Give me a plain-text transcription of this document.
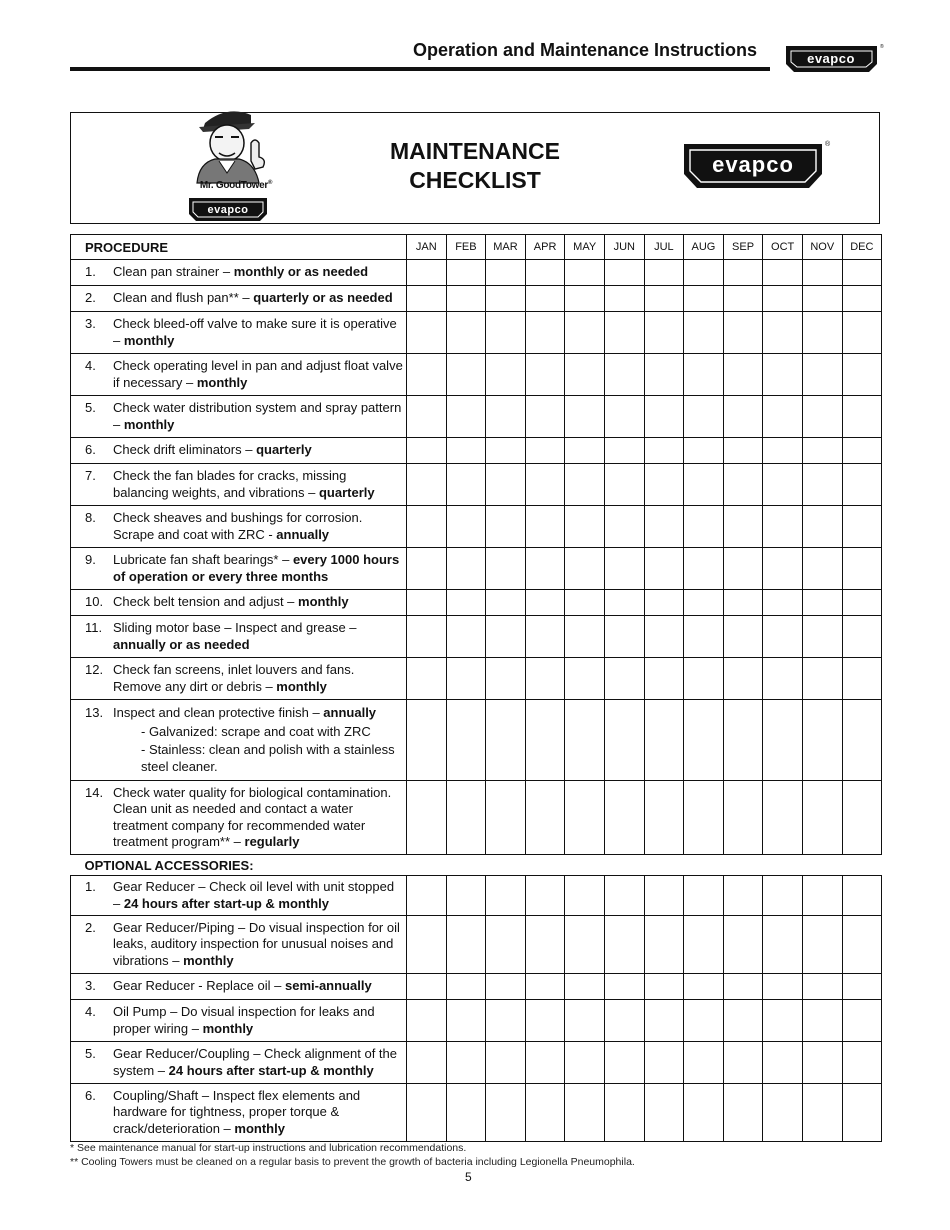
Operation and Maintenance Instructions	evapco
®
Mr. GoodTower®
evapco
MAINTENANCE
CHECKLIST
evapco
®
PROCEDURE	JAN	FEB	MAR	APR	MAY	JUN	JUL	AUG	SEP	OCT	NOV	DEC

1. Clean pan strainer – monthly or as needed												

2. Clean and flush pan** – quarterly or as needed												

3. Check bleed-off valve to make sure it is operative – monthly												

4. Check operating level in pan and adjust float valve if necessary – monthly												

5. Check water distribution system and spray pattern – monthly												

6. Check drift eliminators – quarterly												

7. Check the fan blades for cracks, missing balancing weights, and vibrations – quarterly												

8. Check sheaves and bushings for corrosion. Scrape and coat with ZRC - annually												

9. Lubricate fan shaft bearings* – every 1000 hours of operation or every three months												

10. Check belt tension and adjust – monthly												

11. Sliding motor base – Inspect and grease – annually or as needed												

12. Check fan screens, inlet louvers and fans. Remove any dirt or debris – monthly												

13. Inspect and clean protective finish – annually
- Galvanized: scrape and coat with ZRC
- Stainless: clean and polish with a stainless steel cleaner.												

14. Check water quality for biological contamination. Clean unit as needed and contact a water treatment company for recommended water treatment program** – regularly												

OPTIONAL ACCESSORIES:												

1. Gear Reducer – Check oil level with unit stopped – 24 hours after start-up & monthly												

2. Gear Reducer/Piping – Do visual inspection for oil leaks, auditory inspection for unusual noises and vibrations – monthly												

3. Gear Reducer - Replace oil – semi-annually												

4. Oil Pump – Do visual inspection for leaks and proper wiring – monthly												

5. Gear Reducer/Coupling – Check alignment of the system – 24 hours after start-up & monthly												

6. Coupling/Shaft – Inspect flex elements and hardware for tightness, proper torque & crack/deterioration – monthly												

* See maintenance manual for start-up instructions and lubrication recommendations.
** Cooling Towers must be cleaned on a regular basis to prevent the growth of bacteria including Legionella Pneumophila.
5
